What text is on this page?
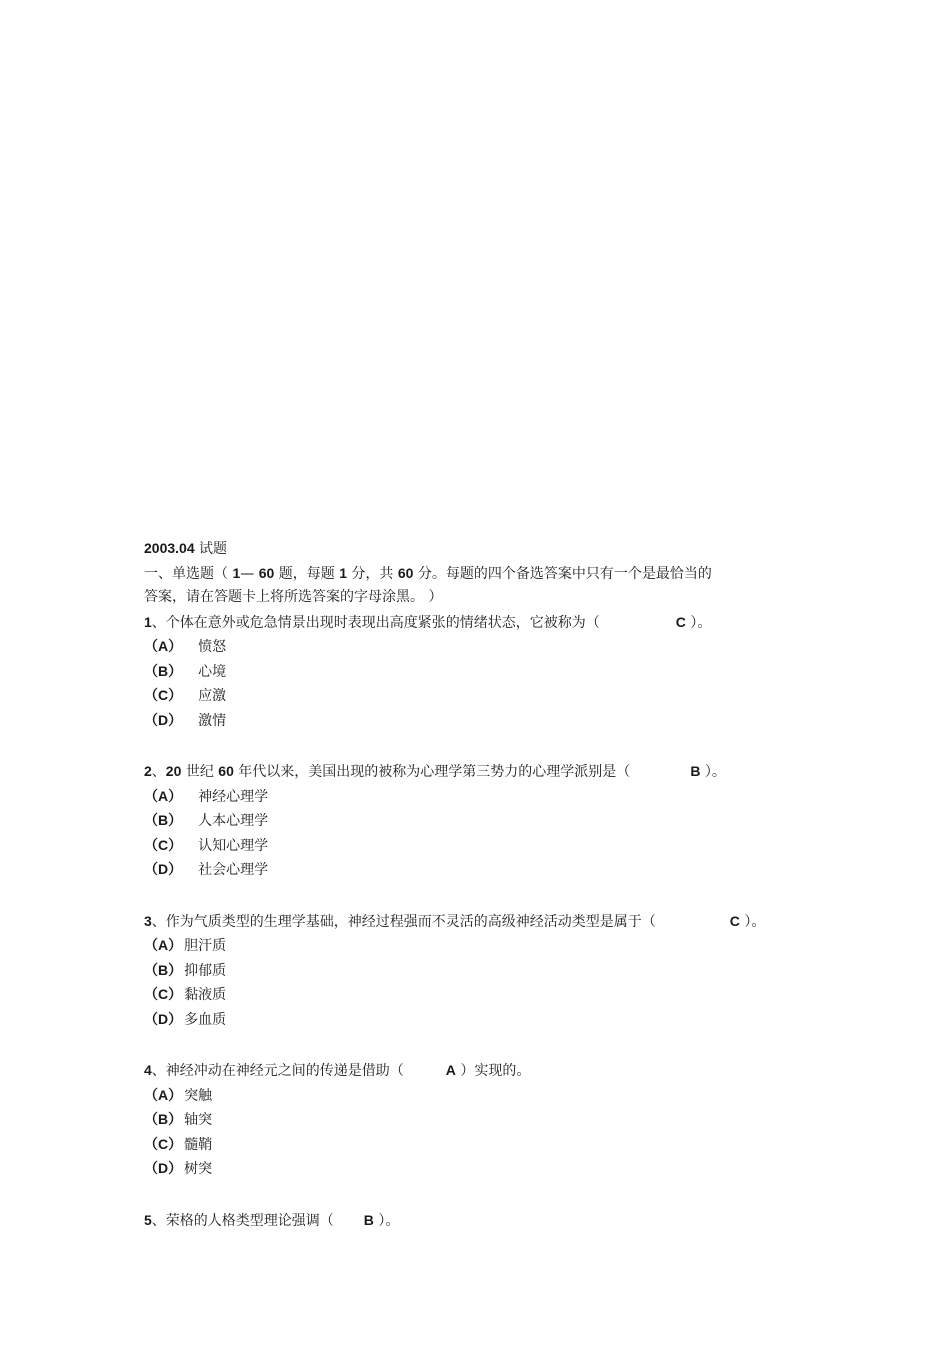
2003.04 试题
一、单选题（ 1— 60 题，每题 1 分，共 60 分。每题的四个备选答案中只有一个是最恰当的
答案，请在答题卡上将所选答案的字母涂黑。 ）
1、个体在意外或危急情景出现时表现出高度紧张的情绪状态，它被称为（	C ）。
（A） 愤怒
（B） 心境
（C） 应激
（D） 激情
2、20 世纪 60 年代以来，美国出现的被称为心理学第三势力的心理学派别是（	B ）。
（A） 神经心理学
（B） 人本心理学
（C） 认知心理学
（D） 社会心理学
3、作为气质类型的生理学基础，神经过程强而不灵活的高级神经活动类型是属于（	C ）。
（A） 胆汗质
（B） 抑郁质
（C） 黏液质
（D） 多血质
4、神经冲动在神经元之间的传递是借助（	A ）实现的。
（A） 突触
（B） 轴突
（C） 髓鞘
（D） 树突
5、荣格的人格类型理论强调（ B ）。
